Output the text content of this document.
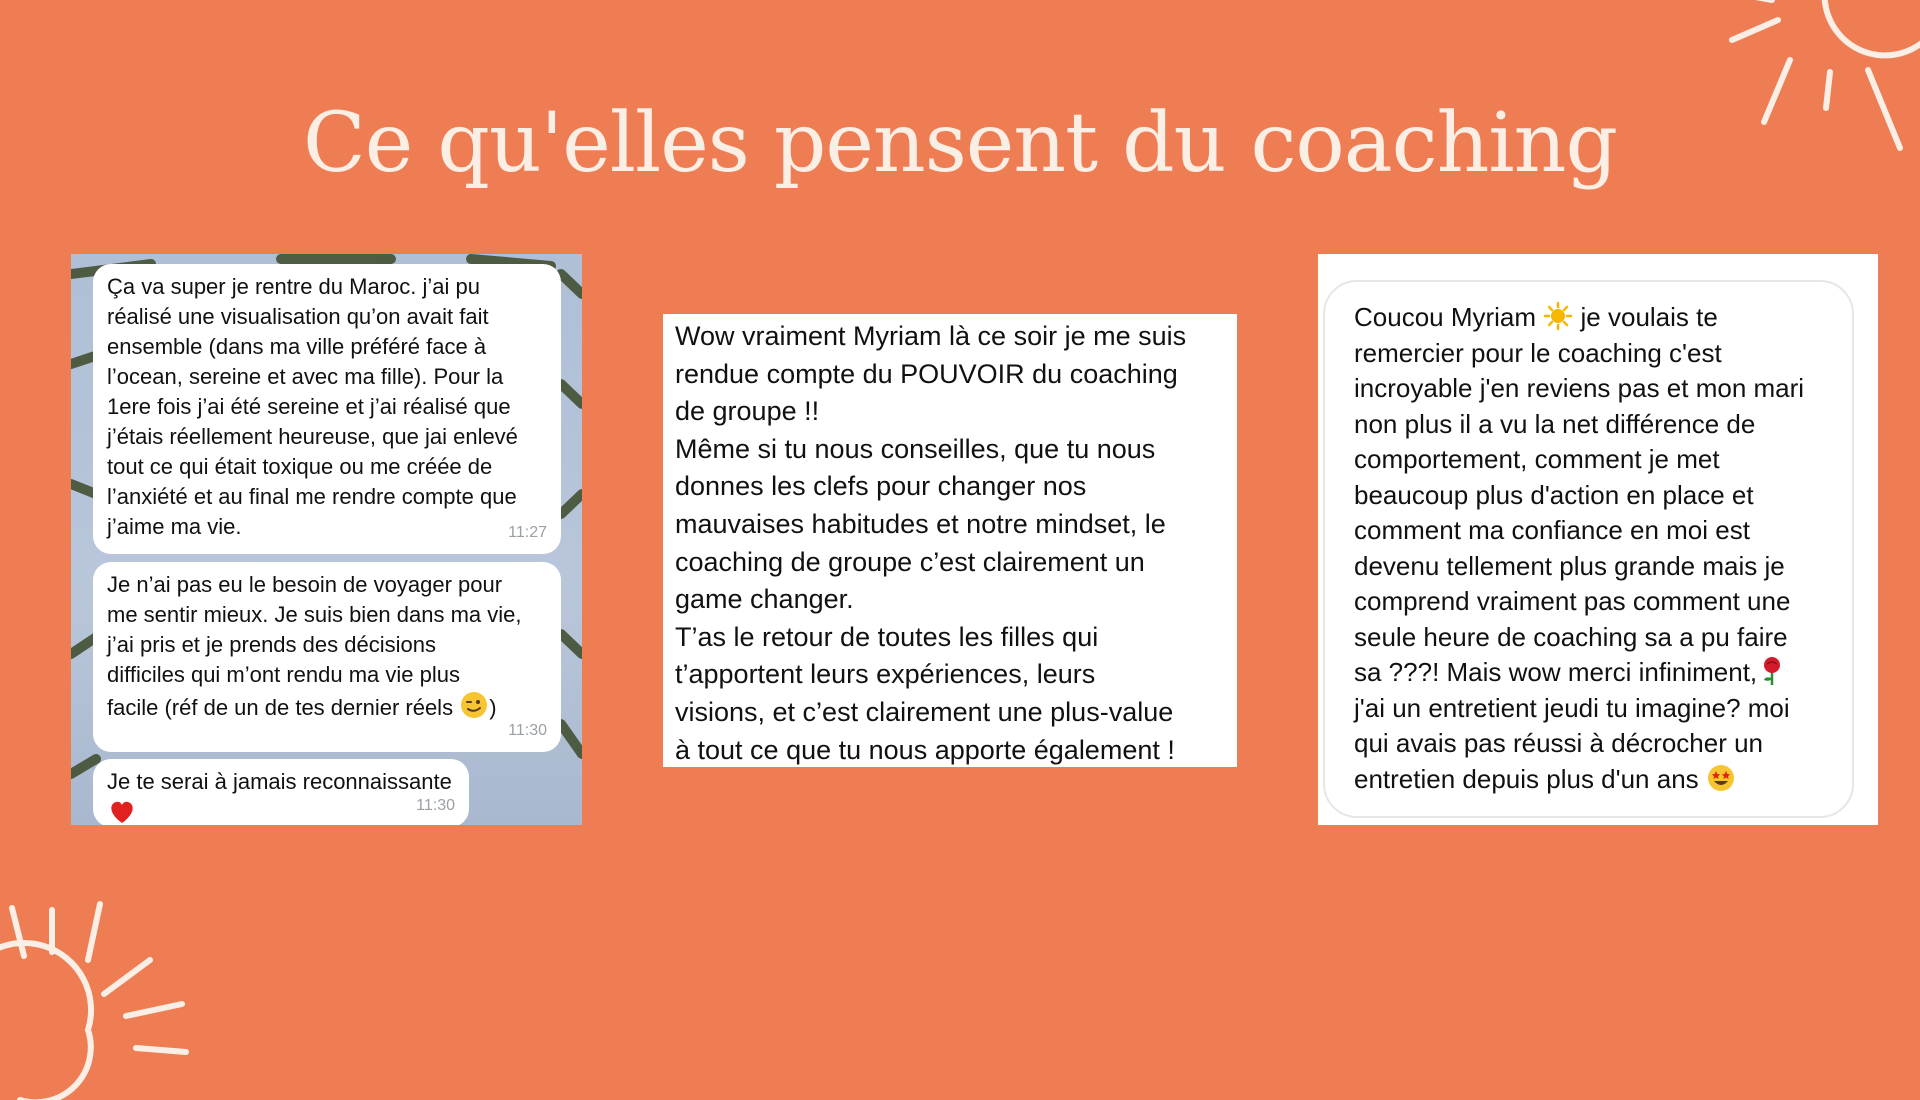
Ce qu'elles pensent du coaching
Ça va super je rentre du Maroc. j’ai pu
réalisé une visualisation qu’on avait fait
ensemble (dans ma ville préféré face à
l’ocean, sereine et avec ma fille). Pour la
1ere fois j’ai été sereine et j’ai réalisé que
j’étais réellement heureuse, que jai enlevé
tout ce qui était toxique ou me créée de
l’anxiété et au final me rendre compte que
j’aime ma vie.	11:27
Je n’ai pas eu le besoin de voyager pour
me sentir mieux. Je suis bien dans ma vie,
j’ai pris et je prends des décisions
difficiles qui m’ont rendu ma vie plus
facile (réf de un de tes dernier réels )
11:30
Je te serai à jamais reconnaissante
11:30
Wow vraiment Myriam là ce soir je me suis
rendue compte du POUVOIR du coaching
de groupe !!
Même si tu nous conseilles, que tu nous
donnes les clefs pour changer nos
mauvaises habitudes et notre mindset, le
coaching de groupe c’est clairement un
game changer.
T’as le retour de toutes les filles qui
t’apportent leurs expériences, leurs
visions, et c’est clairement une plus-value
à tout ce que tu nous apporte également !
Coucou Myriam  je voulais te
remercier pour le coaching c'est
incroyable j'en reviens pas et mon mari
non plus il a vu la net différence de
comportement, comment je met
beaucoup plus d'action en place et
comment ma confiance en moi est
devenu tellement plus grande mais je
comprend vraiment pas comment une
seule heure de coaching sa a pu faire
sa ???! Mais wow merci infiniment,
j'ai un entretient jeudi tu imagine? moi
qui avais pas réussi à décrocher un
entretien depuis plus d'un ans
